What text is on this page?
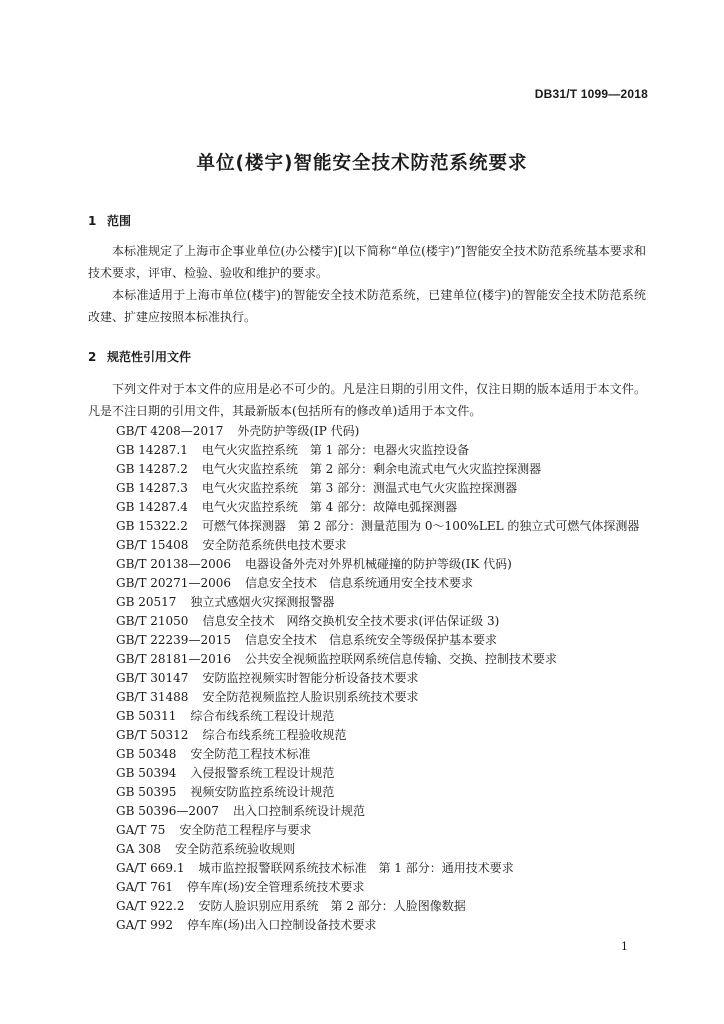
DB31/T 1099—2018
单位(楼宇)智能安全技术防范系统要求
1 范围
本标准规定了上海市企事业单位(办公楼宇)[以下简称“单位(楼宇)”]智能安全技术防范系统基本要求和技术要求，评审、检验、验收和维护的要求。
本标准适用于上海市单位(楼宇)的智能安全技术防范系统，已建单位(楼宇)的智能安全技术防范系统改建、扩建应按照本标准执行。
2 规范性引用文件
下列文件对于本文件的应用是必不可少的。凡是注日期的引用文件，仅注日期的版本适用于本文件。凡是不注日期的引用文件，其最新版本(包括所有的修改单)适用于本文件。
GB/T 4208—2017 外壳防护等级(IP 代码)
GB 14287.1 电气火灾监控系统　第 1 部分：电器火灾监控设备
GB 14287.2 电气火灾监控系统　第 2 部分：剩余电流式电气火灾监控探测器
GB 14287.3 电气火灾监控系统　第 3 部分：测温式电气火灾监控探测器
GB 14287.4 电气火灾监控系统　第 4 部分：故障电弧探测器
GB 15322.2 可燃气体探测器　第 2 部分：测量范围为 0～100%LEL 的独立式可燃气体探测器
GB/T 15408 安全防范系统供电技术要求
GB/T 20138—2006 电器设备外壳对外界机械碰撞的防护等级(IK 代码)
GB/T 20271—2006 信息安全技术　信息系统通用安全技术要求
GB 20517 独立式感烟火灾探测报警器
GB/T 21050 信息安全技术　网络交换机安全技术要求(评估保证级 3)
GB/T 22239—2015 信息安全技术　信息系统安全等级保护基本要求
GB/T 28181—2016 公共安全视频监控联网系统信息传输、交换、控制技术要求
GB/T 30147 安防监控视频实时智能分析设备技术要求
GB/T 31488 安全防范视频监控人脸识别系统技术要求
GB 50311 综合布线系统工程设计规范
GB/T 50312 综合布线系统工程验收规范
GB 50348 安全防范工程技术标准
GB 50394 入侵报警系统工程设计规范
GB 50395 视频安防监控系统设计规范
GB 50396—2007 出入口控制系统设计规范
GA/T 75 安全防范工程程序与要求
GA 308 安全防范系统验收规则
GA/T 669.1 城市监控报警联网系统技术标准　第 1 部分：通用技术要求
GA/T 761 停车库(场)安全管理系统技术要求
GA/T 922.2 安防人脸识别应用系统　第 2 部分：人脸图像数据
GA/T 992 停车库(场)出入口控制设备技术要求
1
